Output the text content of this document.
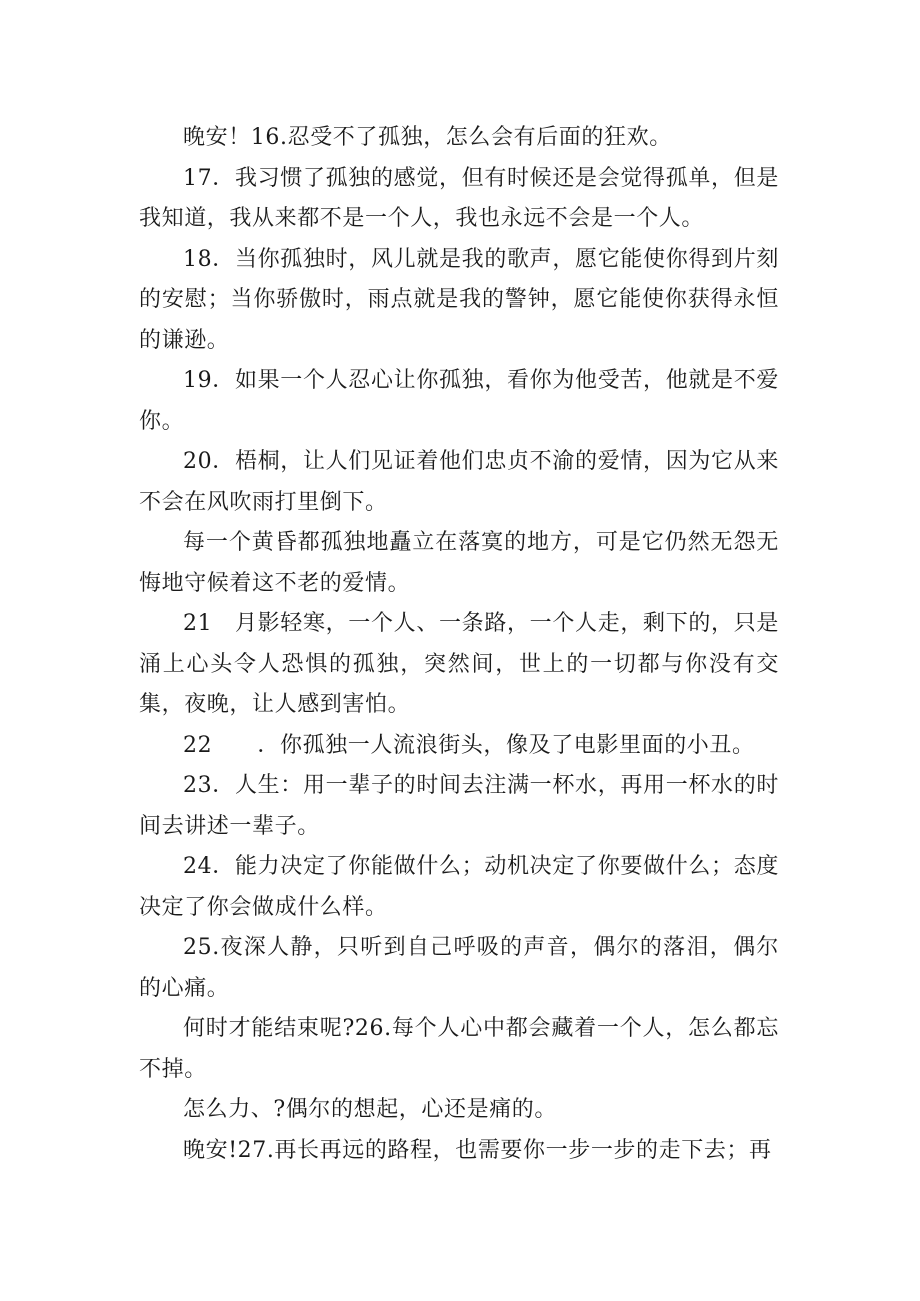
晚安！16.忍受不了孤独，怎么会有后面的狂欢。

17．我习惯了孤独的感觉，但有时候还是会觉得孤单，但是我知道，我从来都不是一个人，我也永远不会是一个人。

18．当你孤独时，风儿就是我的歌声，愿它能使你得到片刻的安慰；当你骄傲时，雨点就是我的警钟，愿它能使你获得永恒的谦逊。

19．如果一个人忍心让你孤独，看你为他受苦，他就是不爱你。

20．梧桐，让人们见证着他们忠贞不渝的爱情，因为它从来不会在风吹雨打里倒下。

每一个黄昏都孤独地矗立在落寞的地方，可是它仍然无怨无悔地守候着这不老的爱情。

21　月影轻寒，一个人、一条路，一个人走，剩下的，只是涌上心头令人恐惧的孤独，突然间，世上的一切都与你没有交集，夜晚，让人感到害怕。

22　　．你孤独一人流浪街头，像及了电影里面的小丑。

23．人生：用一辈子的时间去注满一杯水，再用一杯水的时间去讲述一辈子。

24．能力决定了你能做什么；动机决定了你要做什么；态度决定了你会做成什么样。

25.夜深人静，只听到自己呼吸的声音，偶尔的落泪，偶尔的心痛。

何时才能结束呢?26.每个人心中都会藏着一个人，怎么都忘不掉。

怎么力、?偶尔的想起，心还是痛的。

晚安!27.再长再远的路程，也需要你一步一步的走下去；再
